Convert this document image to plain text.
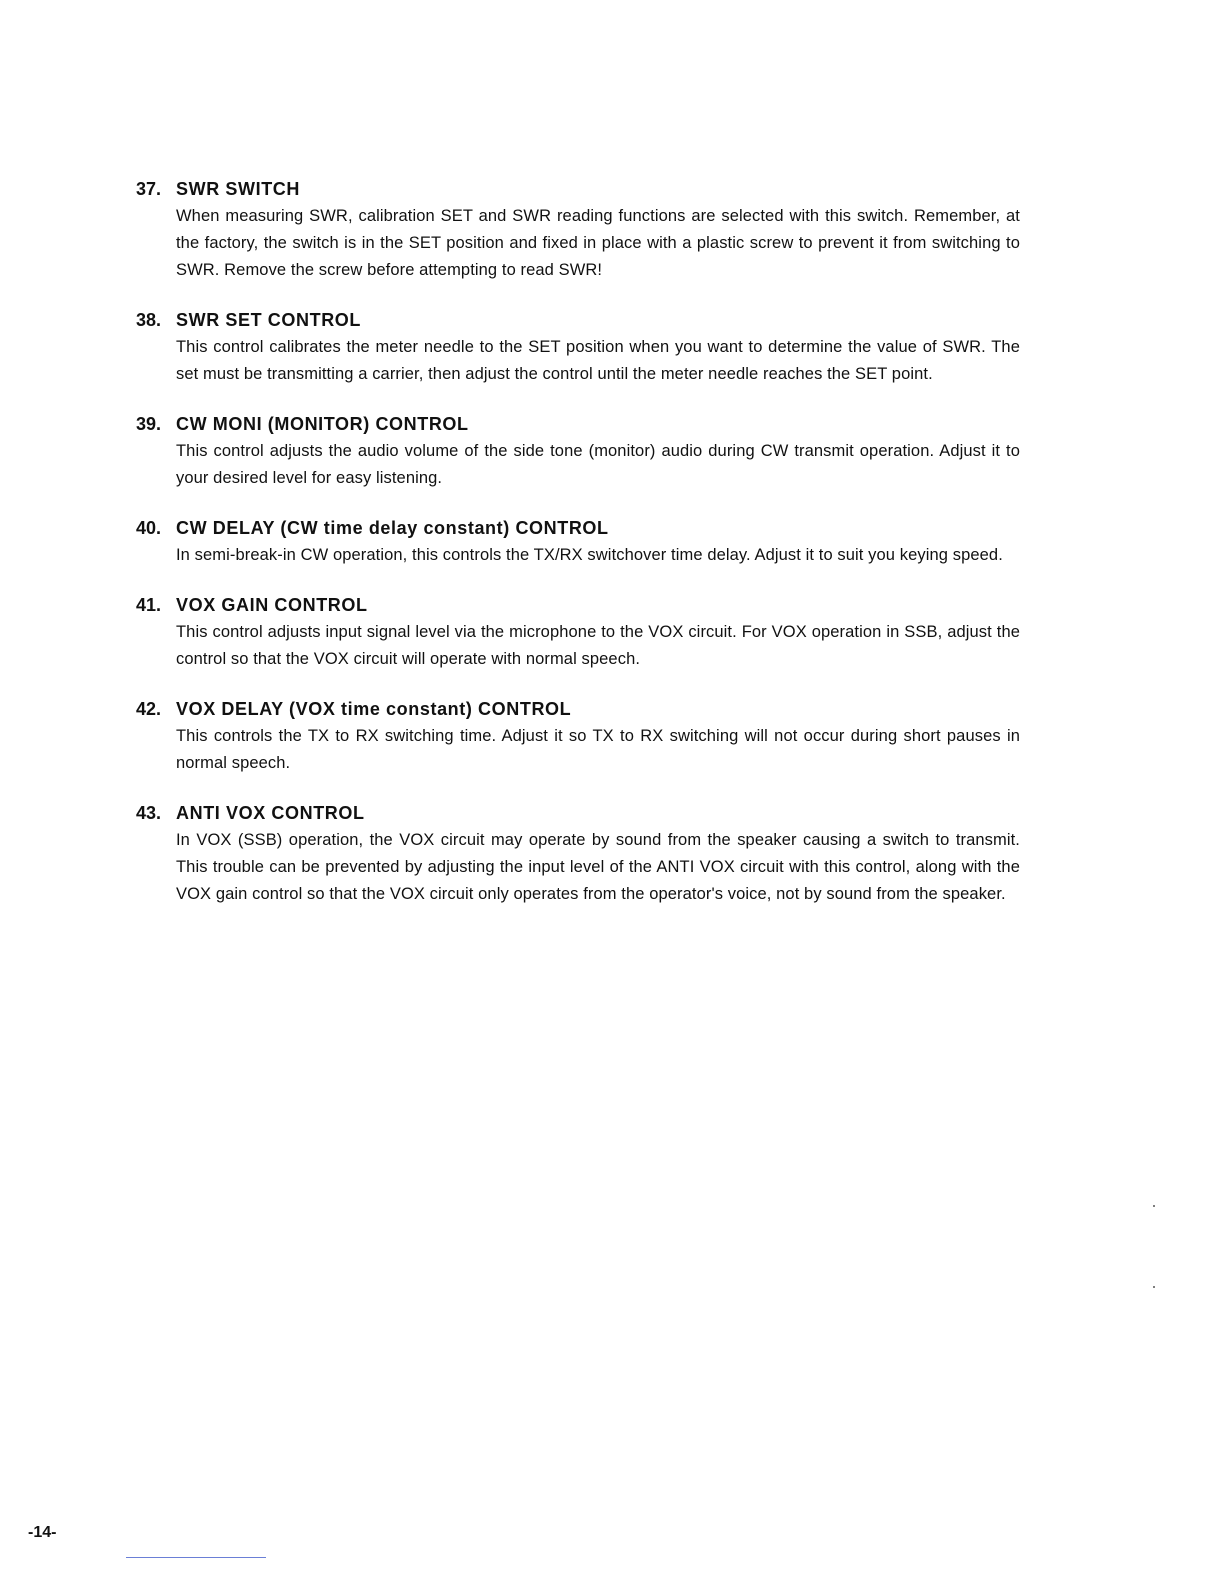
37. SWR SWITCH
When measuring SWR, calibration SET and SWR reading functions are selected with this switch. Remember, at the factory, the switch is in the SET position and fixed in place with a plastic screw to prevent it from switching to SWR. Remove the screw before attempting to read SWR!
38. SWR SET CONTROL
This control calibrates the meter needle to the SET position when you want to determine the value of SWR. The set must be transmitting a carrier, then adjust the control until the meter needle reaches the SET point.
39. CW MONI (MONITOR) CONTROL
This control adjusts the audio volume of the side tone (monitor) audio during CW transmit operation. Adjust it to your desired level for easy listening.
40. CW DELAY (CW time delay constant) CONTROL
In semi-break-in CW operation, this controls the TX/RX switchover time delay. Adjust it to suit you keying speed.
41. VOX GAIN CONTROL
This control adjusts input signal level via the microphone to the VOX circuit. For VOX operation in SSB, adjust the control so that the VOX circuit will operate with normal speech.
42. VOX DELAY (VOX time constant) CONTROL
This controls the TX to RX switching time. Adjust it so TX to RX switching will not occur during short pauses in normal speech.
43. ANTI VOX CONTROL
In VOX (SSB) operation, the VOX circuit may operate by sound from the speaker causing a switch to transmit. This trouble can be prevented by adjusting the input level of the ANTI VOX circuit with this control, along with the VOX gain control so that the VOX circuit only operates from the operator's voice, not by sound from the speaker.
-14-
